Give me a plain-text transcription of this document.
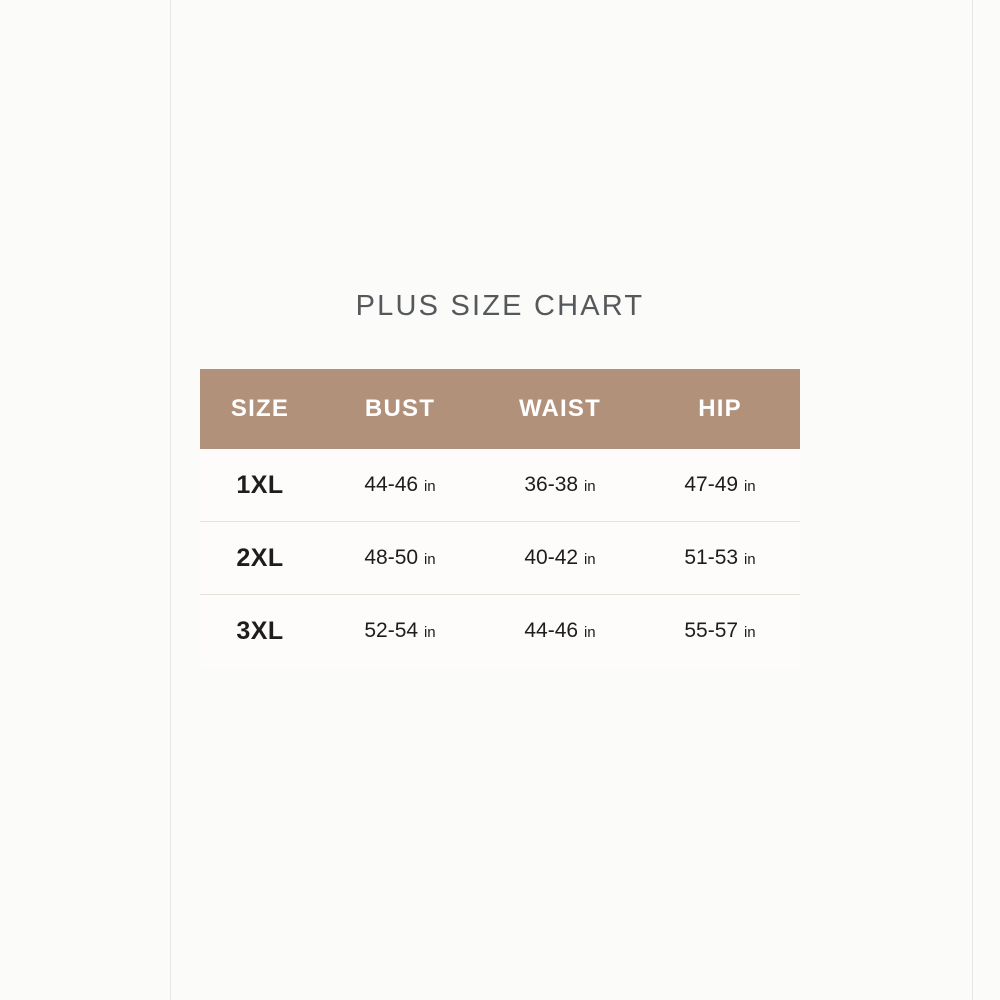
PLUS SIZE CHART
SIZE	BUST	WAIST	HIP
1XL	44-46 in	36-38 in	47-49 in
2XL	48-50 in	40-42 in	51-53 in
3XL	52-54 in	44-46 in	55-57 in
